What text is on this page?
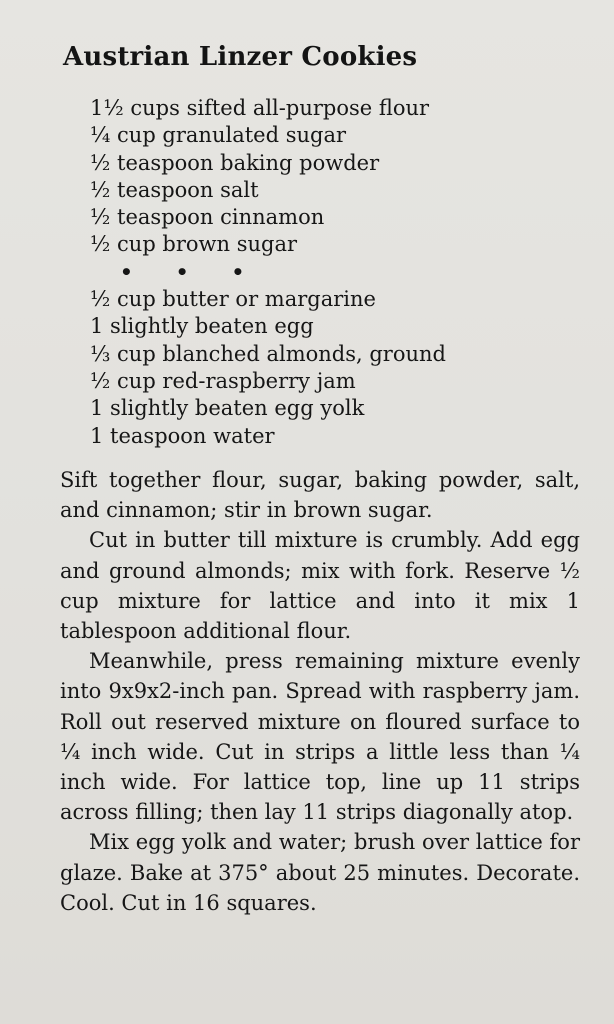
Austrian Linzer Cookies
1½ cups sifted all-purpose flour
¼ cup granulated sugar
½ teaspoon baking powder
½ teaspoon salt
½ teaspoon cinnamon
½ cup brown sugar
• • •
½ cup butter or margarine
1 slightly beaten egg
⅓ cup blanched almonds, ground
½ cup red-raspberry jam
1 slightly beaten egg yolk
1 teaspoon water

Sift together flour, sugar, baking powder, salt, and cinnamon; stir in brown sugar.

Cut in butter till mixture is crumbly. Add egg and ground almonds; mix with fork. Reserve ½ cup mixture for lattice and into it mix 1 tablespoon additional flour.

Meanwhile, press remaining mixture evenly into 9x9x2-inch pan. Spread with raspberry jam. Roll out reserved mixture on floured surface to ¼ inch wide. Cut in strips a little less than ¼ inch wide. For lattice top, line up 11 strips across filling; then lay 11 strips diagonally atop.

Mix egg yolk and water; brush over lattice for glaze. Bake at 375° about 25 minutes. Decorate. Cool. Cut in 16 squares.
